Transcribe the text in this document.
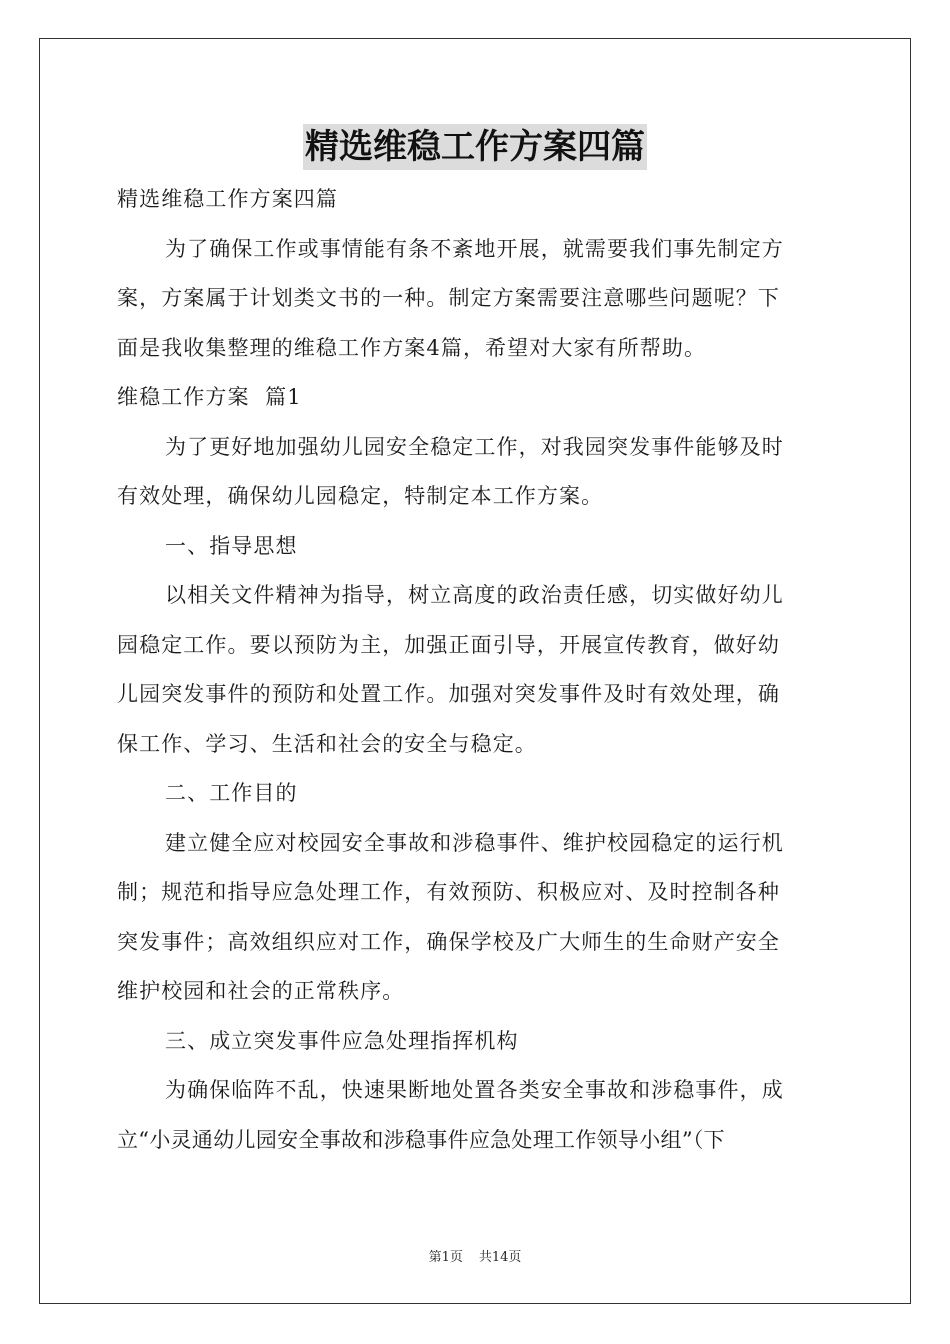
精选维稳工作方案四篇
精选维稳工作方案四篇
为了确保工作或事情能有条不紊地开展，就需要我们事先制定方
案，方案属于计划类文书的一种。制定方案需要注意哪些问题呢？下
面是我收集整理的维稳工作方案4篇，希望对大家有所帮助。
维稳工作方案  篇1
为了更好地加强幼儿园安全稳定工作，对我园突发事件能够及时
有效处理，确保幼儿园稳定，特制定本工作方案。
一、指导思想
以相关文件精神为指导，树立高度的政治责任感，切实做好幼儿
园稳定工作。要以预防为主，加强正面引导，开展宣传教育，做好幼
儿园突发事件的预防和处置工作。加强对突发事件及时有效处理，确
保工作、学习、生活和社会的安全与稳定。
二、工作目的
建立健全应对校园安全事故和涉稳事件、维护校园稳定的运行机
制；规范和指导应急处理工作，有效预防、积极应对、及时控制各种
突发事件；高效组织应对工作，确保学校及广大师生的生命财产安全
维护校园和社会的正常秩序。
三、成立突发事件应急处理指挥机构
为确保临阵不乱，快速果断地处置各类安全事故和涉稳事件，成
立“小灵通幼儿园安全事故和涉稳事件应急处理工作领导小组”（下
第1页 共14页
